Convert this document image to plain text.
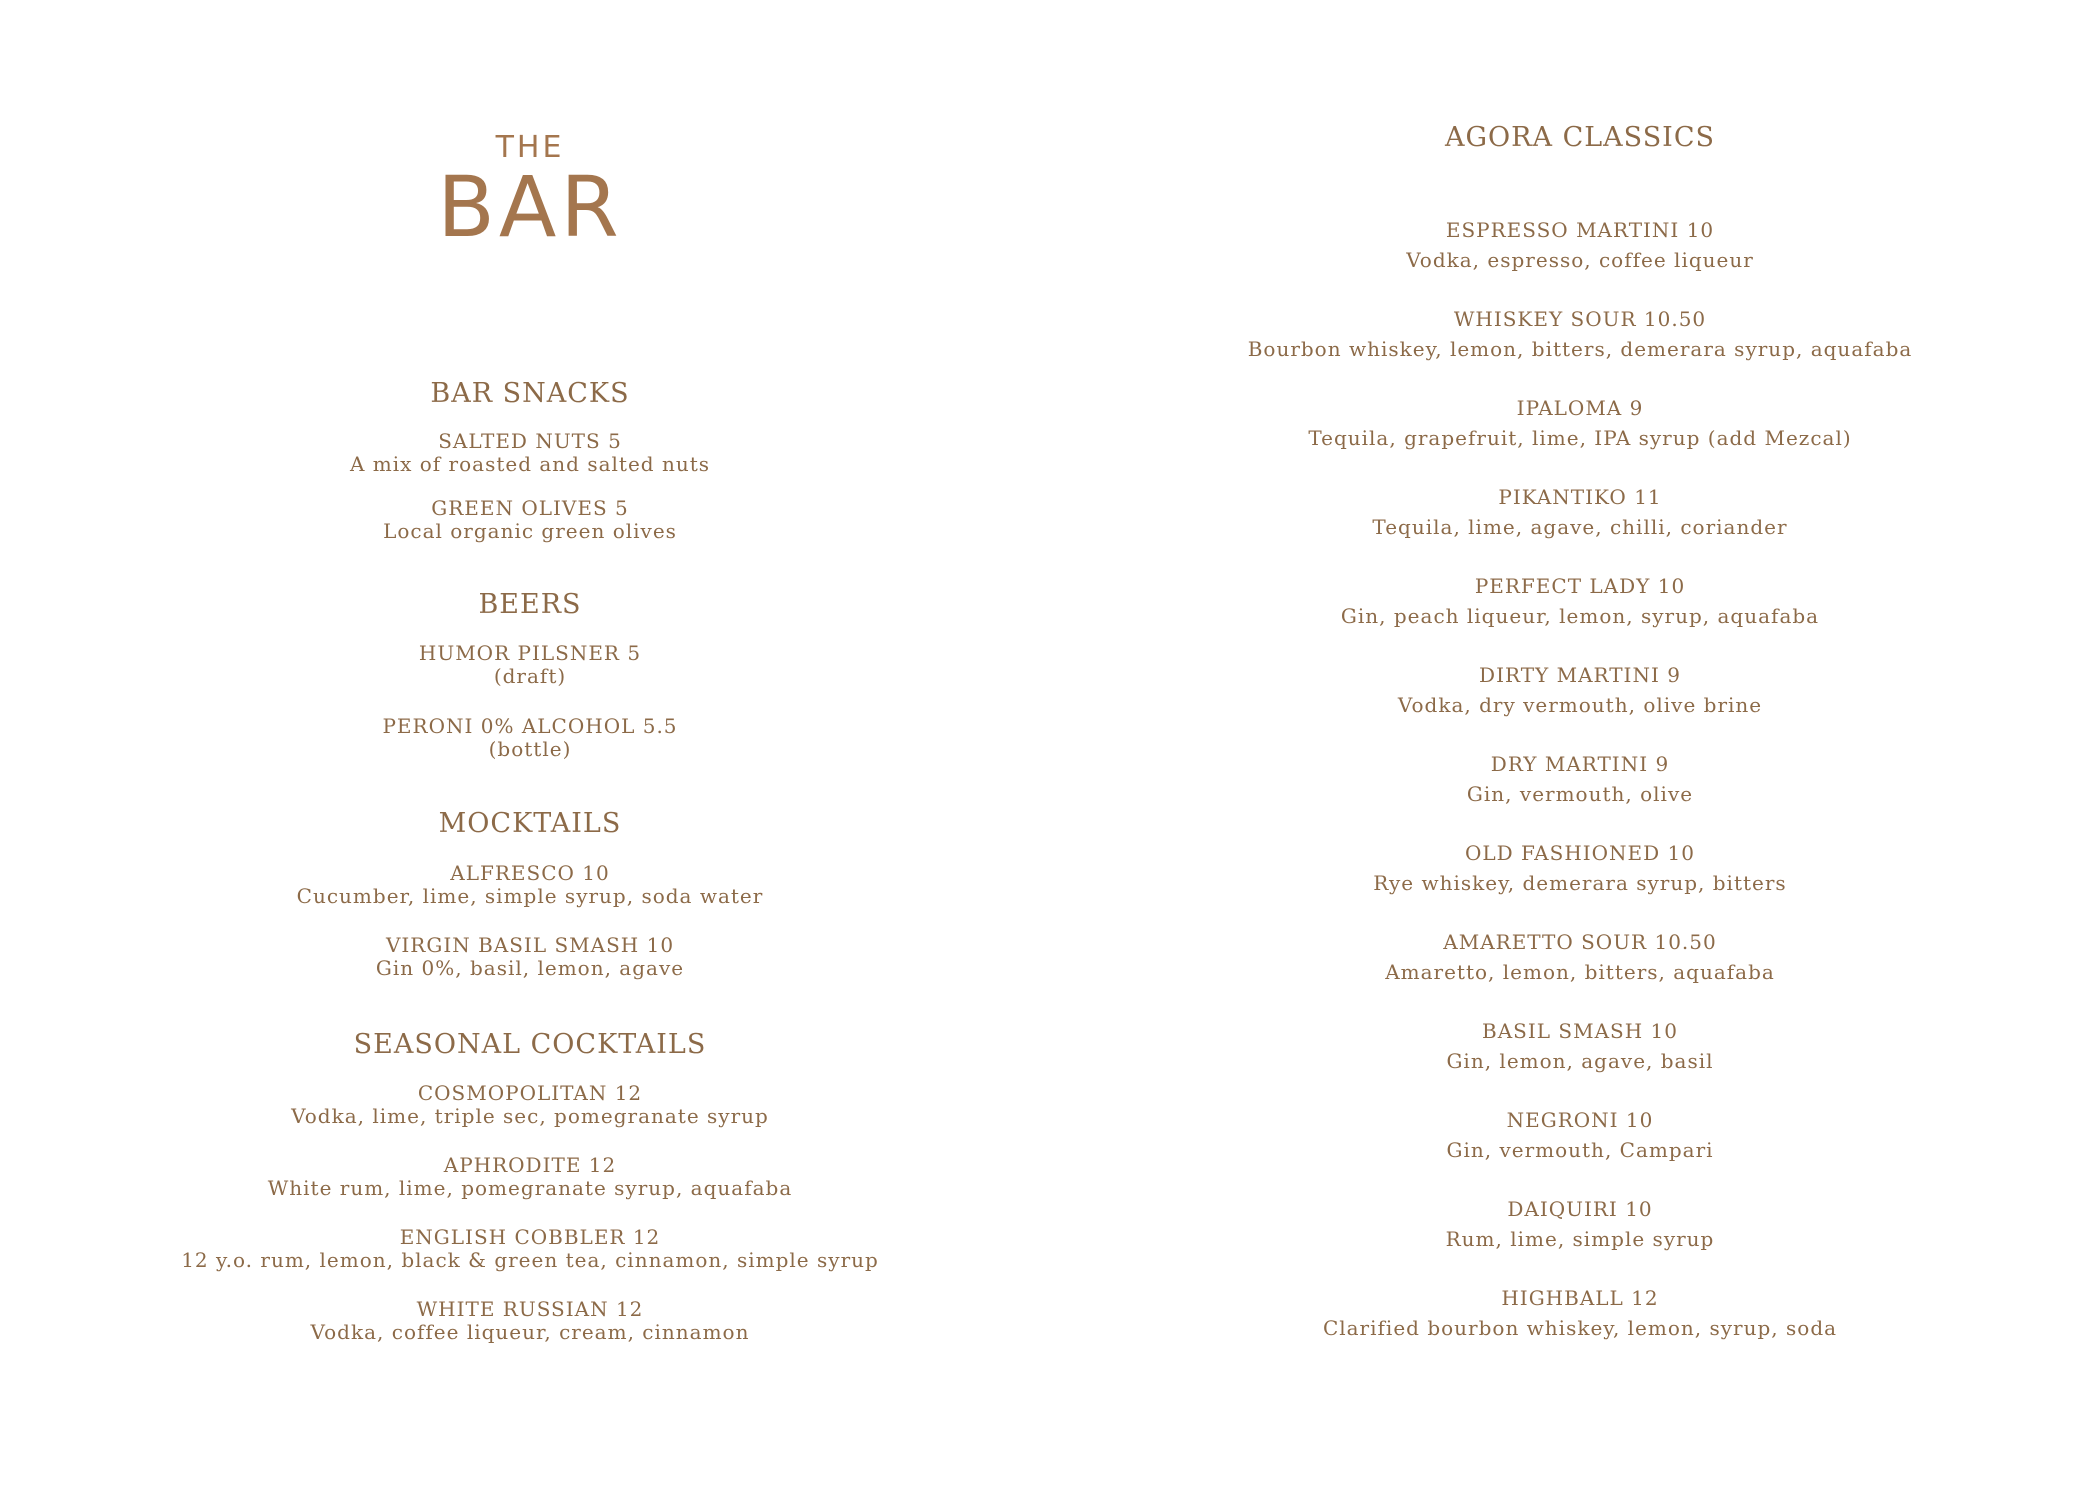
THE
BAR
BAR SNACKS
SALTED NUTS 5
A mix of roasted and salted nuts
GREEN OLIVES 5
Local organic green olives
BEERS
HUMOR PILSNER 5
(draft)
PERONI 0% ALCOHOL 5.5
(bottle)
MOCKTAILS
ALFRESCO 10
Cucumber, lime, simple syrup, soda water
VIRGIN BASIL SMASH 10
Gin 0%, basil, lemon, agave
SEASONAL COCKTAILS
COSMOPOLITAN 12
Vodka, lime, triple sec, pomegranate syrup
APHRODITE 12
White rum, lime, pomegranate syrup, aquafaba
ENGLISH COBBLER 12
12 y.o. rum, lemon, black & green tea, cinnamon, simple syrup
WHITE RUSSIAN 12
Vodka, coffee liqueur, cream, cinnamon
AGORA CLASSICS
ESPRESSO MARTINI 10
Vodka, espresso, coffee liqueur
WHISKEY SOUR 10.50
Bourbon whiskey, lemon, bitters, demerara syrup, aquafaba
IPALOMA 9
Tequila, grapefruit, lime, IPA syrup (add Mezcal)
PIKANTIKO 11
Tequila, lime, agave, chilli, coriander
PERFECT LADY 10
Gin, peach liqueur, lemon, syrup, aquafaba
DIRTY MARTINI 9
Vodka, dry vermouth, olive brine
DRY MARTINI 9
Gin, vermouth, olive
OLD FASHIONED 10
Rye whiskey, demerara syrup, bitters
AMARETTO SOUR 10.50
Amaretto, lemon, bitters, aquafaba
BASIL SMASH 10
Gin, lemon, agave, basil
NEGRONI 10
Gin, vermouth, Campari
DAIQUIRI 10
Rum, lime, simple syrup
HIGHBALL 12
Clarified bourbon whiskey, lemon, syrup, soda
